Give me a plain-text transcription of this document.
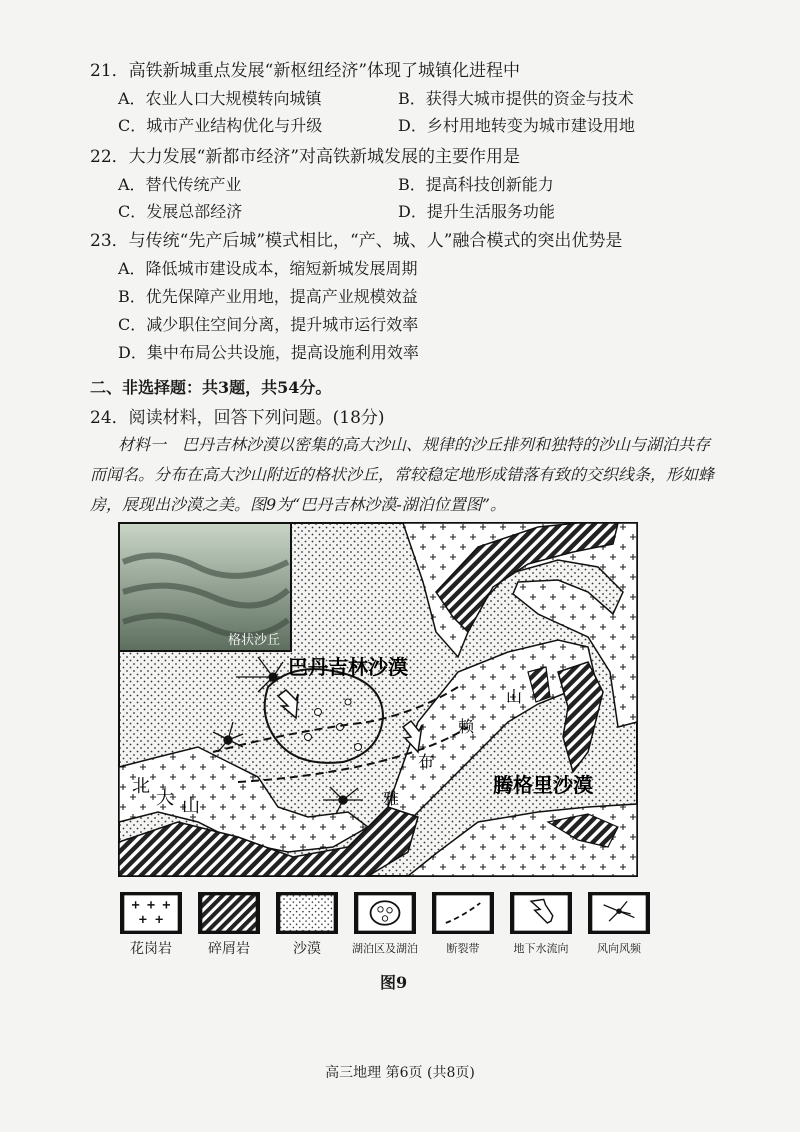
21．高铁新城重点发展“新枢纽经济”体现了城镇化进程中
A．农业人口大规模转向城镇	B．获得大城市提供的资金与技术
C．城市产业结构优化与升级	D．乡村用地转变为城市建设用地
22．大力发展“新都市经济”对高铁新城发展的主要作用是
A．替代传统产业	B．提高科技创新能力
C．发展总部经济	D．提升生活服务功能
23．与传统“先产后城”模式相比，“产、城、人”融合模式的突出优势是
A．降低城市建设成本，缩短新城发展周期
B．优先保障产业用地，提高产业规模效益
C．减少职住空间分离，提升城市运行效率
D．集中布局公共设施，提高设施利用效率
二、非选择题：共3题，共54分。
24．阅读材料，回答下列问题。(18分)
材料一　巴丹吉林沙漠以密集的高大沙山、规律的沙丘排列和独特的沙山与湖泊共存
而闻名。分布在高大沙山附近的格状沙丘，常较稳定地形成错落有致的交织线条，形如蜂
房，展现出沙漠之美。图9为“巴丹吉林沙漠-湖泊位置图”。
格状沙丘
巴丹吉林沙漠
腾格里沙漠
北
大 山	雅
布
赖
山
花岗岩	碎屑岩	沙漠	湖泊区及湖泊	断裂带	地下水流向	风向风频
图9
高三地理 第6页 (共8页)
